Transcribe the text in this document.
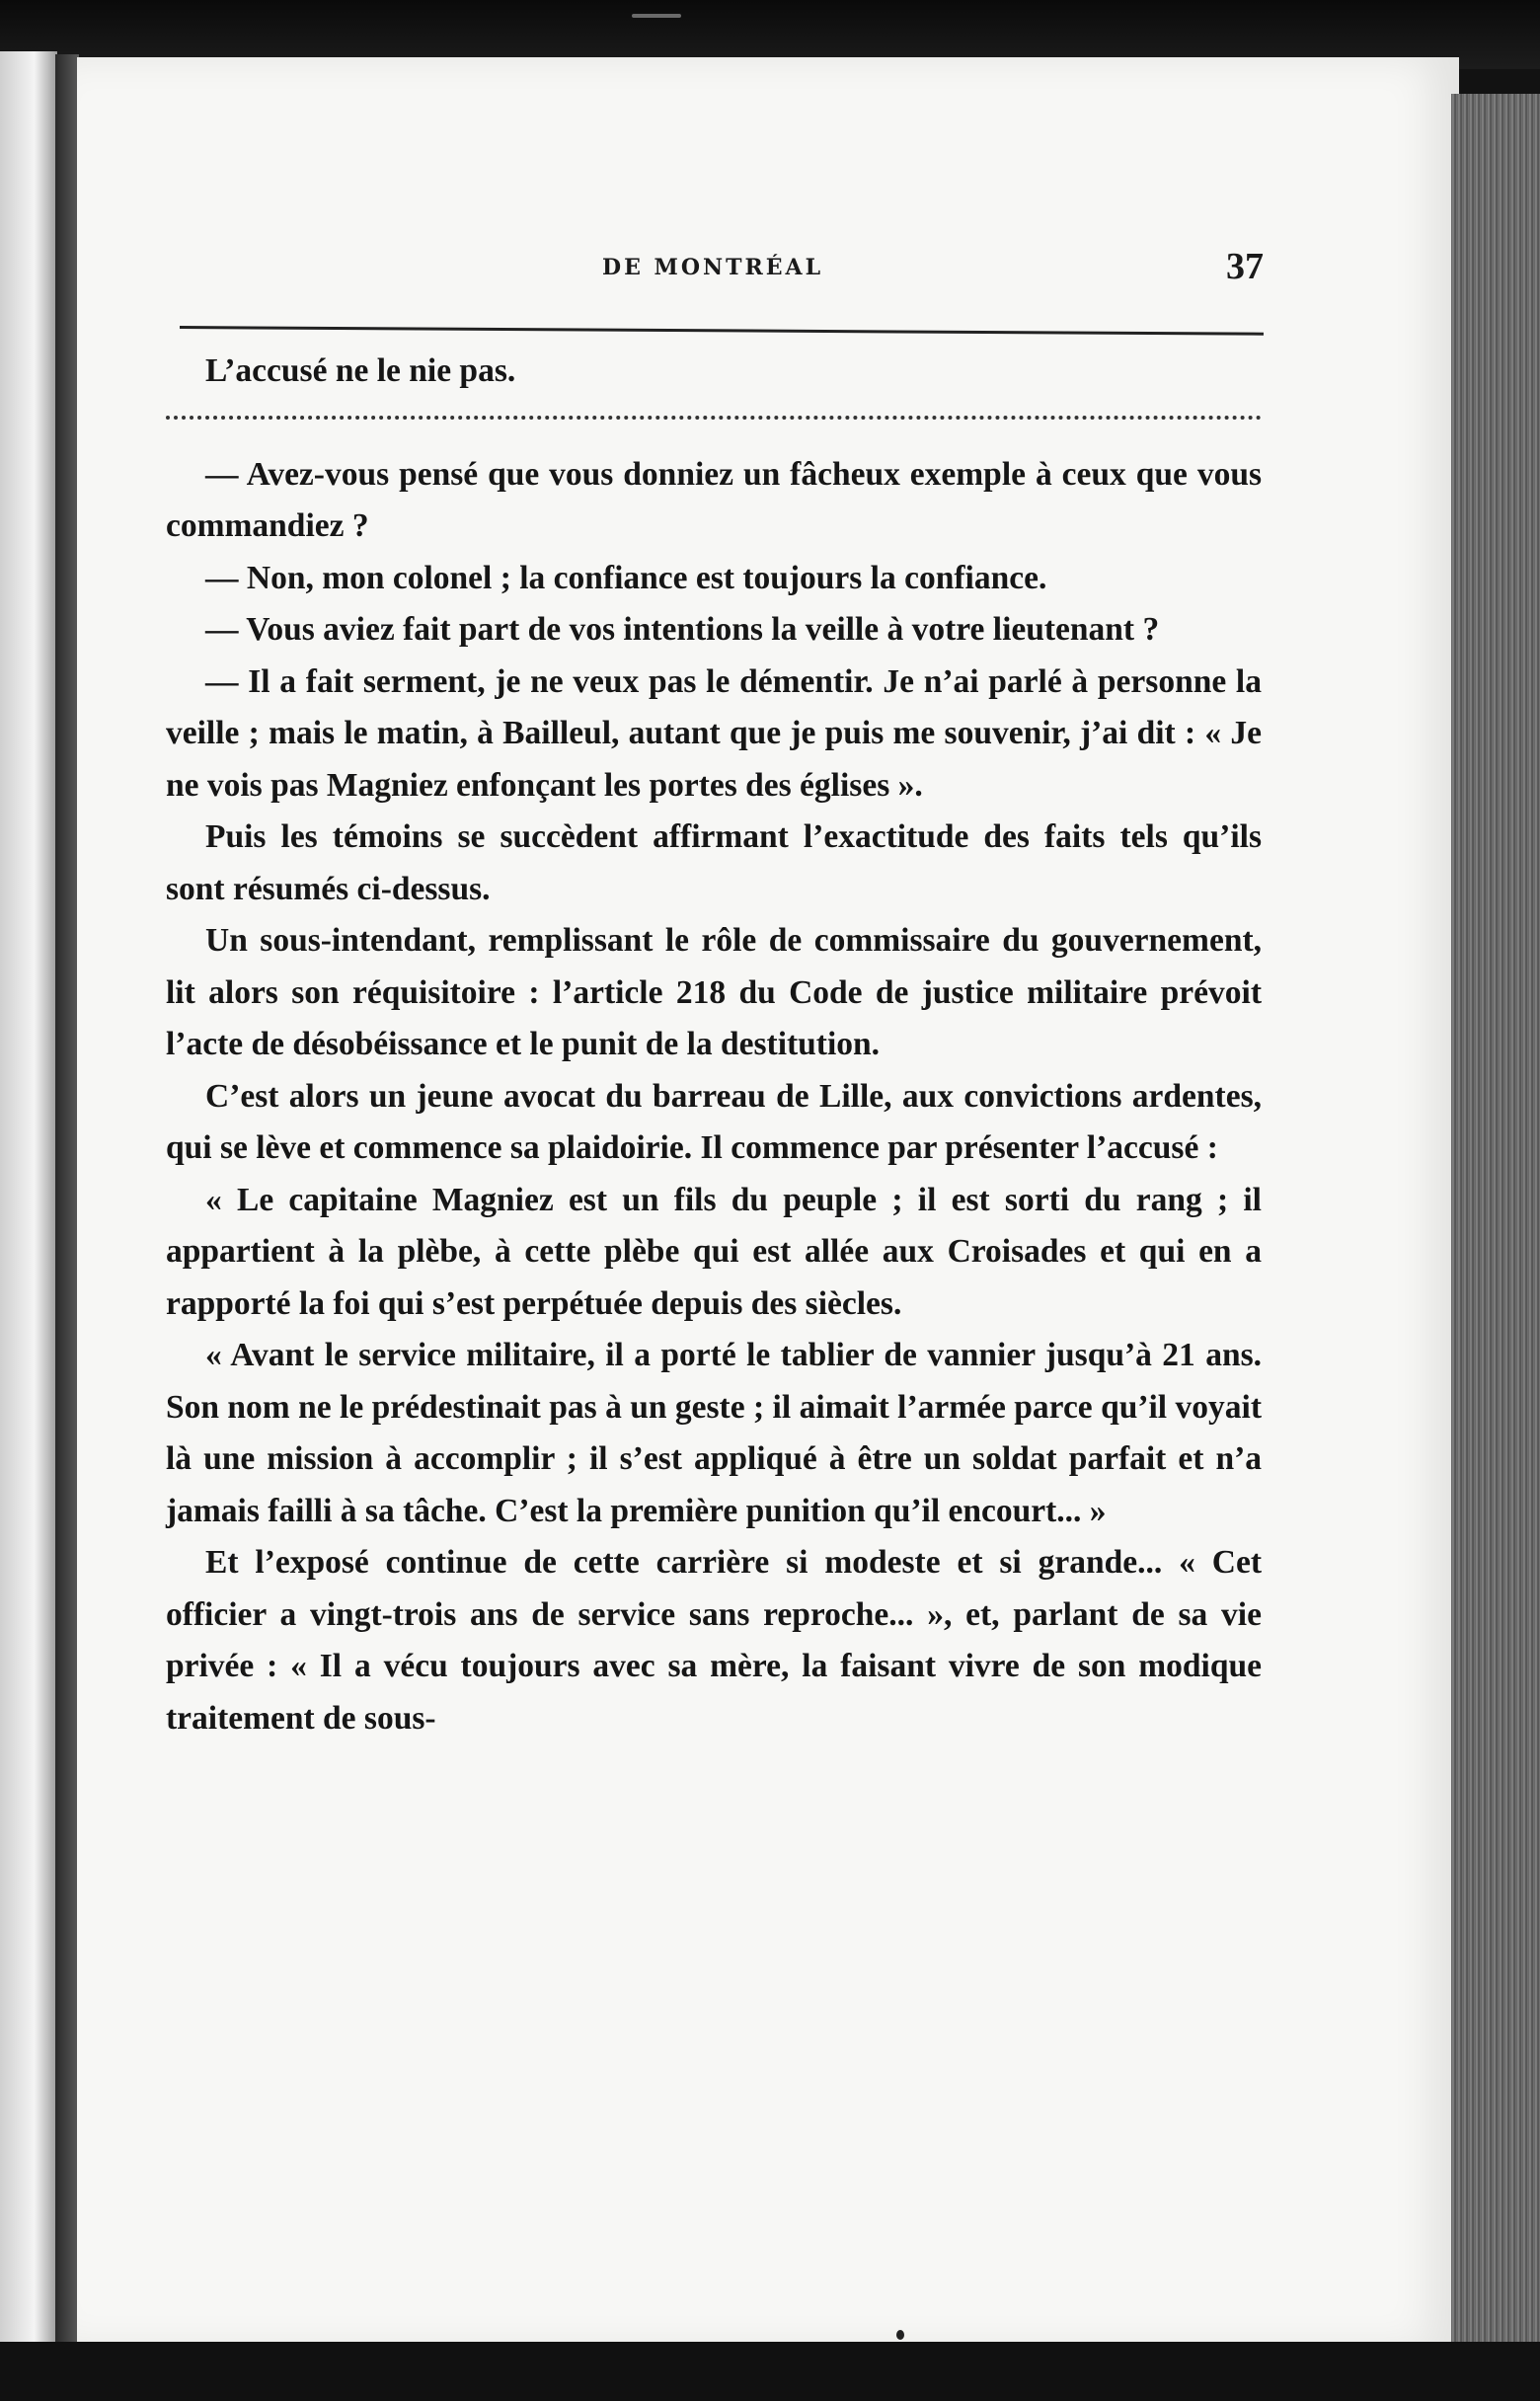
DE MONTRÉAL	37

L’accusé ne le nie pas.

— Avez-vous pensé que vous donniez un fâcheux exemple à ceux que vous commandiez ?

— Non, mon colonel ; la confiance est toujours la confiance.

— Vous aviez fait part de vos intentions la veille à votre lieutenant ?

— Il a fait serment, je ne veux pas le démentir. Je n’ai parlé à personne la veille ; mais le matin, à Bailleul, autant que je puis me souvenir, j’ai dit : « Je ne vois pas Magniez enfonçant les portes des églises ».

Puis les témoins se succèdent affirmant l’exactitude des faits tels qu’ils sont résumés ci-dessus.

Un sous-intendant, remplissant le rôle de commissaire du gouvernement, lit alors son réquisitoire : l’article 218 du Code de justice militaire prévoit l’acte de désobéissance et le punit de la destitution.

C’est alors un jeune avocat du barreau de Lille, aux convictions ardentes, qui se lève et commence sa plaidoirie. Il commence par présenter l’accusé :

« Le capitaine Magniez est un fils du peuple ; il est sorti du rang ; il appartient à la plèbe, à cette plèbe qui est allée aux Croisades et qui en a rapporté la foi qui s’est perpétuée depuis des siècles.

« Avant le service militaire, il a porté le tablier de vannier jusqu’à 21 ans. Son nom ne le prédestinait pas à un geste ; il aimait l’armée parce qu’il voyait là une mission à accomplir ; il s’est appliqué à être un soldat parfait et n’a jamais failli à sa tâche. C’est la première punition qu’il encourt... »

Et l’exposé continue de cette carrière si modeste et si grande... « Cet officier a vingt-trois ans de service sans reproche... », et, parlant de sa vie privée : « Il a vécu toujours avec sa mère, la faisant vivre de son modique traitement de sous-
